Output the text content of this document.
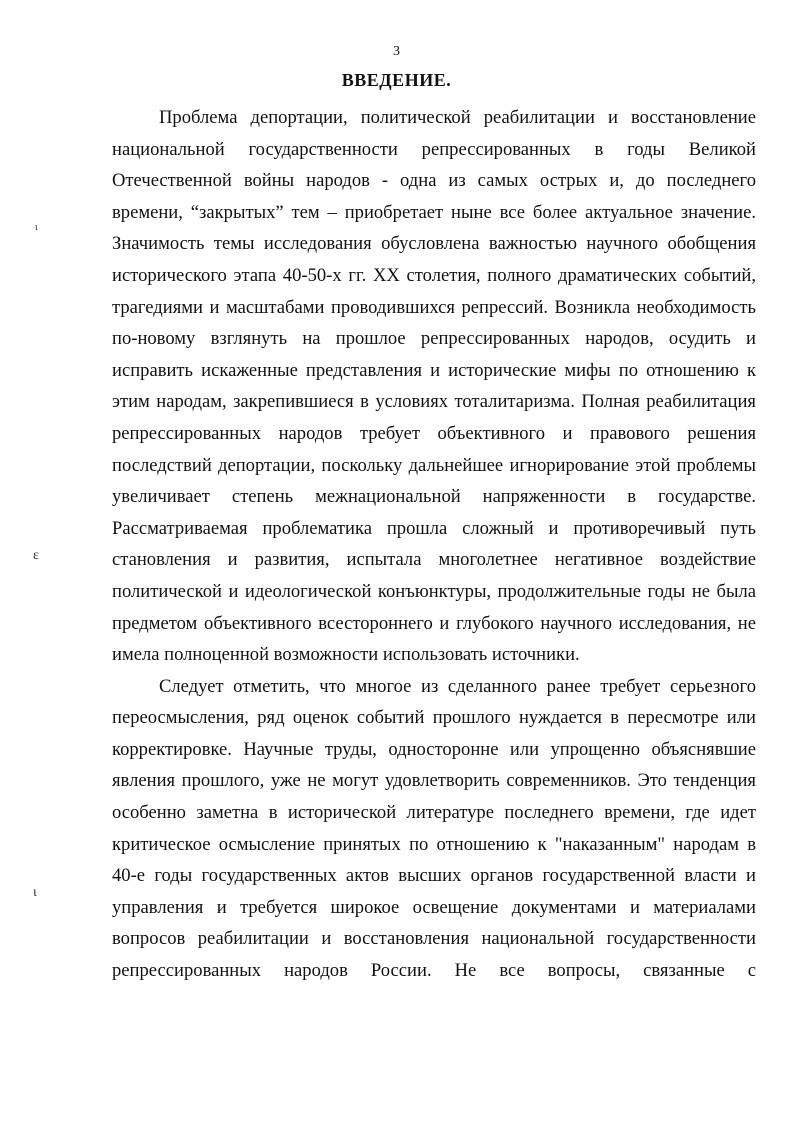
3
ВВЕДЕНИЕ.

Проблема депортации, политической реабилитации и восстановление национальной государственности репрессированных в годы Великой Отечественной войны народов - одна из самых острых и, до последнего времени, “закрытых” тем – приобретает ныне все более актуальное значение. Значимость темы исследования обусловлена важностью научного обобщения исторического этапа 40-50-х гг. XX столетия, полного драматических событий, трагедиями и масштабами проводившихся репрессий. Возникла необходимость по-новому взглянуть на прошлое репрессированных народов, осудить и исправить искаженные представления и исторические мифы по отношению к этим народам, закрепившиеся в условиях тоталитаризма. Полная реабилитация репрессированных народов требует объективного и правового решения последствий депортации, поскольку дальнейшее игнорирование этой проблемы увеличивает степень межнациональной напряженности в государстве. Рассматриваемая проблематика прошла сложный и противоречивый путь становления и развития, испытала многолетнее негативное воздействие политической и идеологической конъюнктуры, продолжительные годы не была предметом объективного всестороннего и глубокого научного исследования, не имела полноценной возможности использовать источники.

Следует отметить, что многое из сделанного ранее требует серьезного переосмысления, ряд оценок событий прошлого нуждается в пересмотре или корректировке. Научные труды, односторонне или упрощенно объяснявшие явления прошлого, уже не могут удовлетворить современников. Это тенденция особенно заметна в исторической литературе последнего времени, где идет критическое осмысление принятых по отношению к "наказанным" народам в 40-е годы государственных актов высших органов государственной власти и управления и требуется широкое освещение документами и материалами вопросов реабилитации и восстановления национальной государственности репрессированных народов России. Не все вопросы, связанные с

ι
ɛ
ι
